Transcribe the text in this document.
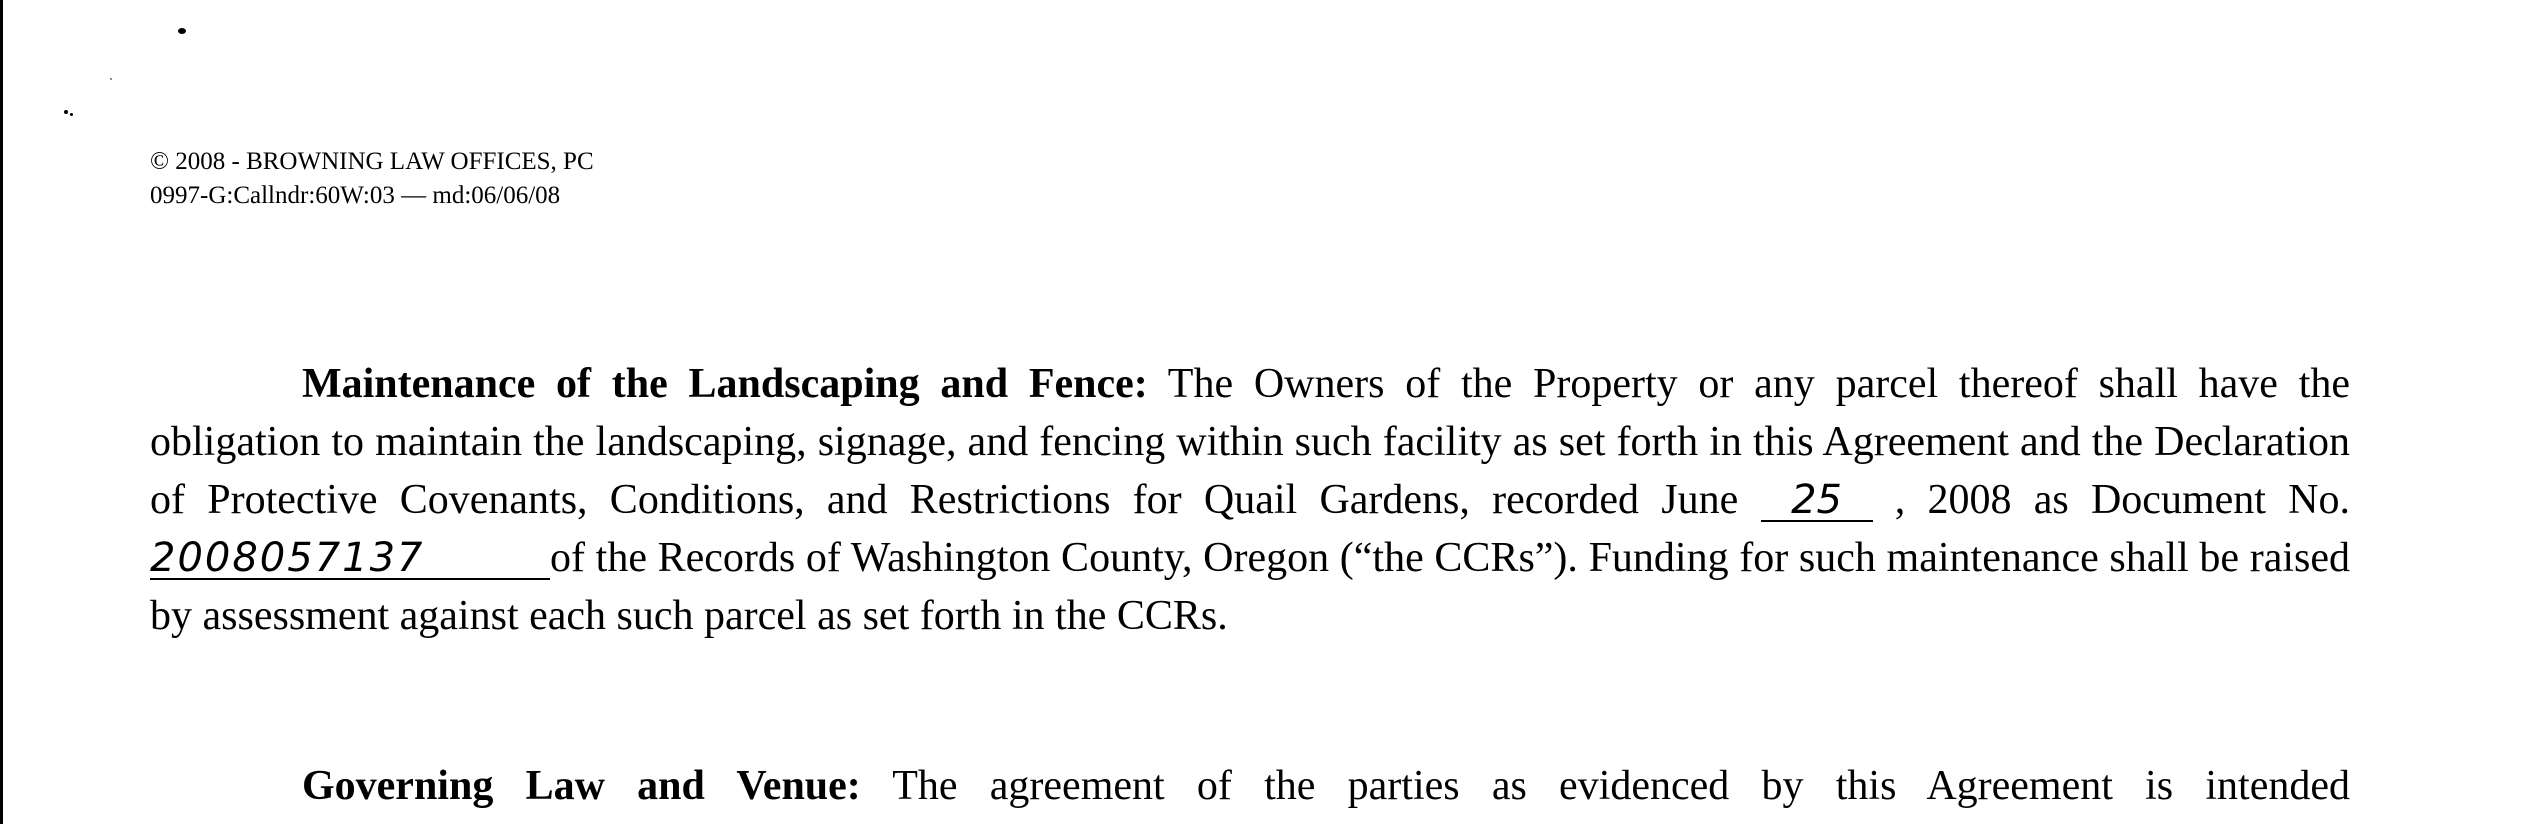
© 2008 - BROWNING LAW OFFICES, PC
0997-G:Callndr:60W:03 — md:06/06/08
Maintenance of the Landscaping and Fence: The Owners of the Property or any parcel thereof shall have the obligation to maintain the landscaping, signage, and fencing within such facility as set forth in this Agreement and the Declaration of Protective Covenants, Conditions, and Restrictions for Quail Gardens, recorded June 25 , 2008 as Document No. 2008057137	of the Records of Washington County, Oregon (“the CCRs”). Funding for such maintenance shall be raised by assessment against each such parcel as set forth in the CCRs.
Governing Law and Venue: The agreement of the parties as evidenced by this Agreement is intended
